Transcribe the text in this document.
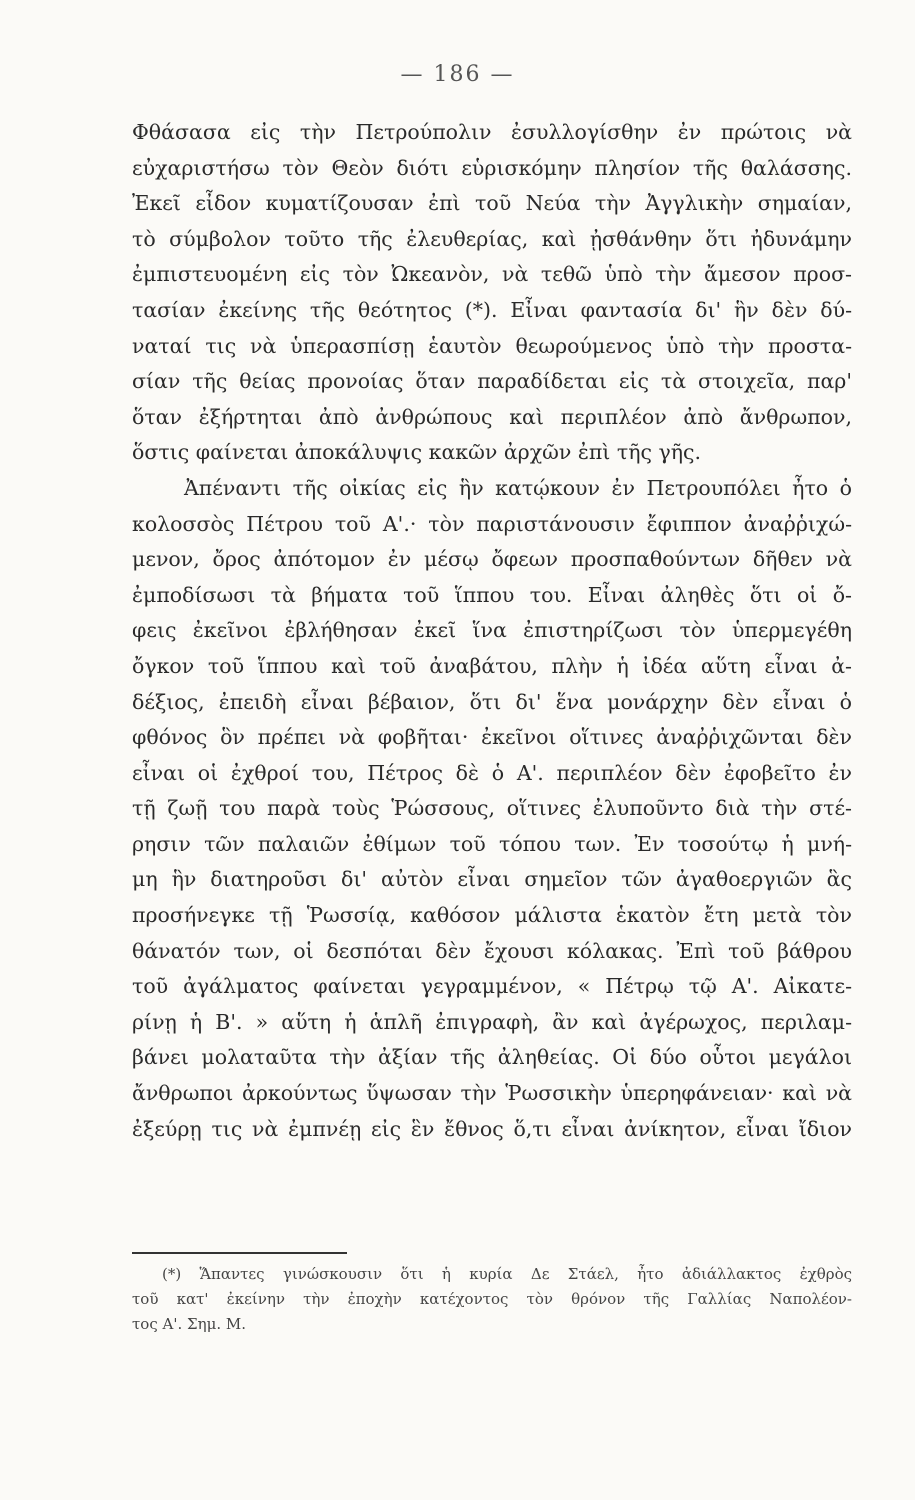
— 186 —
Φθάσασα εἰς τὴν Πετρούπολιν ἐσυλλογίσθην ἐν πρώτοις νὰ
εὐχαριστήσω τὸν Θεὸν διότι εὑρισκόμην πλησίον τῆς θαλάσσης.
Ἐκεῖ εἶδον κυματίζουσαν ἐπὶ τοῦ Νεύα τὴν Ἀγγλικὴν σημαίαν,
τὸ σύμβολον τοῦτο τῆς ἐλευθερίας, καὶ ᾐσθάνθην ὅτι ἠδυνάμην
ἐμπιστευομένη εἰς τὸν Ὠκεανὸν, νὰ τεθῶ ὑπὸ τὴν ἄμεσον προσ-
τασίαν ἐκείνης τῆς θεότητος (*). Εἶναι φαντασία δι' ἣν δὲν δύ-
ναταί τις νὰ ὑπερασπίσῃ ἑαυτὸν θεωρούμενος ὑπὸ τὴν προστα-
σίαν τῆς θείας προνοίας ὅταν παραδίδεται εἰς τὰ στοιχεῖα, παρ'
ὅταν ἐξήρτηται ἀπὸ ἀνθρώπους καὶ περιπλέον ἀπὸ ἄνθρωπον,
ὅστις φαίνεται ἀποκάλυψις κακῶν ἀρχῶν ἐπὶ τῆς γῆς.
Ἀπέναντι τῆς οἰκίας εἰς ἣν κατῴκουν ἐν Πετρουπόλει ἦτο ὁ
κολοσσὸς Πέτρου τοῦ Α'.· τὸν παριστάνουσιν ἔφιππον ἀναῤῥιχώ-
μενον, ὄρος ἀπότομον ἐν μέσῳ ὄφεων προσπαθούντων δῆθεν νὰ
ἐμποδίσωσι τὰ βήματα τοῦ ἵππου του. Εἶναι ἀληθὲς ὅτι οἱ ὄ-
φεις ἐκεῖνοι ἐβλήθησαν ἐκεῖ ἵνα ἐπιστηρίζωσι τὸν ὑπερμεγέθη
ὄγκον τοῦ ἵππου καὶ τοῦ ἀναβάτου, πλὴν ἡ ἰδέα αὕτη εἶναι ἀ-
δέξιος, ἐπειδὴ εἶναι βέβαιον, ὅτι δι' ἕνα μονάρχην δὲν εἶναι ὁ
φθόνος ὃν πρέπει νὰ φοβῆται· ἐκεῖνοι οἵτινες ἀναῤῥιχῶνται δὲν
εἶναι οἱ ἐχθροί του, Πέτρος δὲ ὁ Α'. περιπλέον δὲν ἐφοβεῖτο ἐν
τῇ ζωῇ του παρὰ τοὺς Ῥώσσους, οἵτινες ἐλυποῦντο διὰ τὴν στέ-
ρησιν τῶν παλαιῶν ἐθίμων τοῦ τόπου των. Ἐν τοσούτῳ ἡ μνή-
μη ἣν διατηροῦσι δι' αὐτὸν εἶναι σημεῖον τῶν ἀγαθοεργιῶν ἃς
προσήνεγκε τῇ Ῥωσσίᾳ, καθόσον μάλιστα ἑκατὸν ἔτη μετὰ τὸν
θάνατόν των, οἱ δεσπόται δὲν ἔχουσι κόλακας. Ἐπὶ τοῦ βάθρου
τοῦ ἀγάλματος φαίνεται γεγραμμένον, « Πέτρῳ τῷ Α'. Αἰκατε-
ρίνῃ ἡ Β'. » αὕτη ἡ ἁπλῆ ἐπιγραφὴ, ἂν καὶ ἀγέρωχος, περιλαμ-
βάνει μολαταῦτα τὴν ἀξίαν τῆς ἀληθείας. Οἱ δύο οὗτοι μεγάλοι
ἄνθρωποι ἀρκούντως ὕψωσαν τὴν Ῥωσσικὴν ὑπερηφάνειαν· καὶ νὰ
ἐξεύρῃ τις νὰ ἐμπνέῃ εἰς ἓν ἔθνος ὅ,τι εἶναι ἀνίκητον, εἶναι ἴδιον
(*) Ἅπαντες γινώσκουσιν ὅτι ἡ κυρία Δε Στάελ, ἦτο ἀδιάλλακτος ἐχθρὸς
τοῦ κατ' ἐκείνην τὴν ἐποχὴν κατέχοντος τὸν θρόνον τῆς Γαλλίας Ναπολέον-
τος Α'. Σημ. Μ.
